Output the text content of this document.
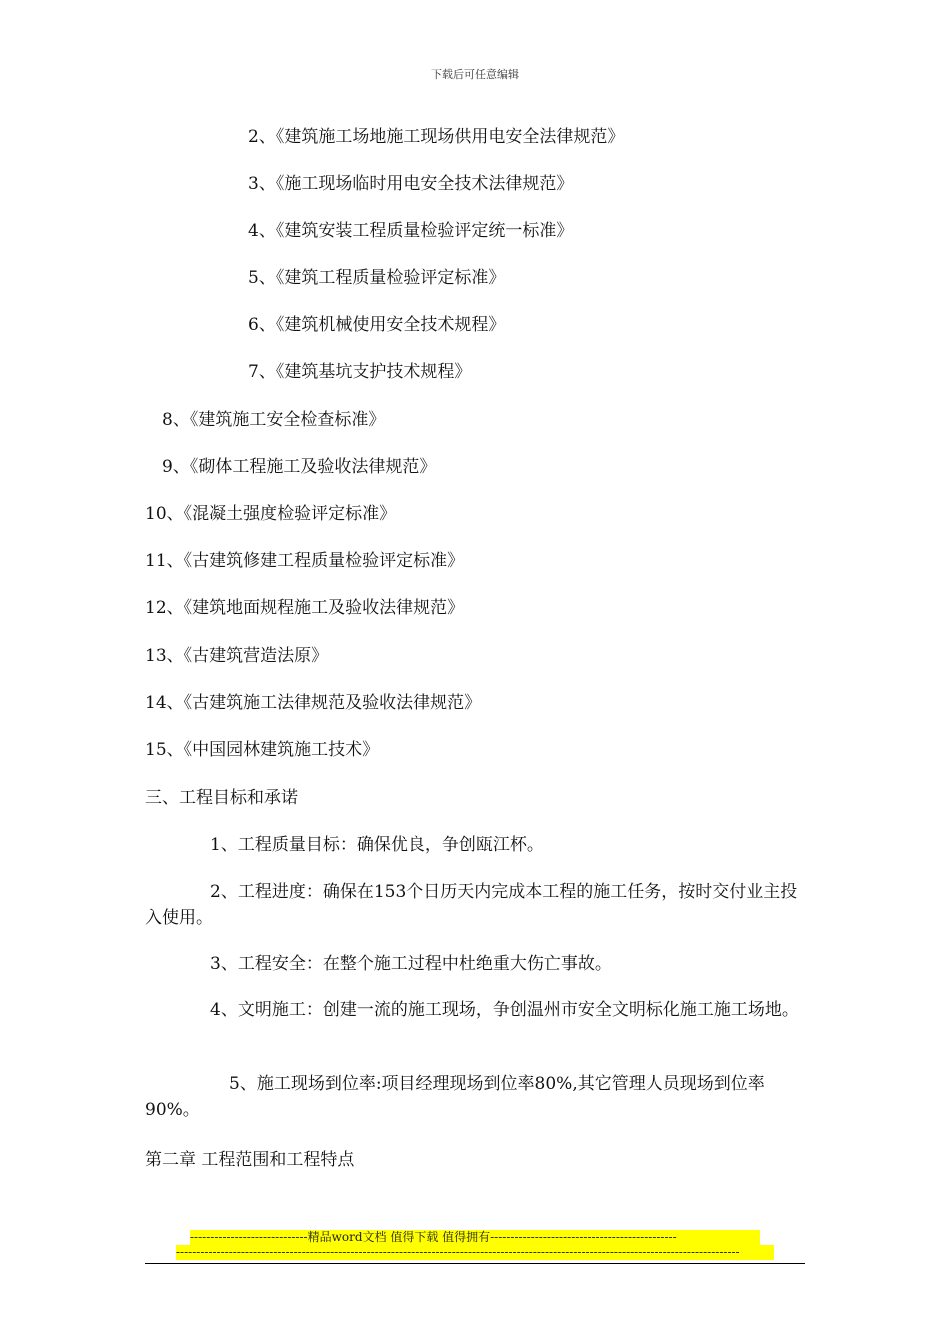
下载后可任意编辑
2、《建筑施工场地施工现场供用电安全法律规范》
3、《施工现场临时用电安全技术法律规范》
4、《建筑安装工程质量检验评定统一标准》
5、《建筑工程质量检验评定标准》
6、《建筑机械使用安全技术规程》
7、《建筑基坑支护技术规程》
8、《建筑施工安全检查标准》
9、《砌体工程施工及验收法律规范》
10、《混凝土强度检验评定标准》
11、《古建筑修建工程质量检验评定标准》
12、《建筑地面规程施工及验收法律规范》
13、《古建筑营造法原》
14、《古建筑施工法律规范及验收法律规范》
15、《中国园林建筑施工技术》
三、工程目标和承诺
1、工程质量目标：确保优良，争创瓯江杯。
2、工程进度：确保在153个日历天内完成本工程的施工任务，按时交付业主投入使用。
3、工程安全：在整个施工过程中杜绝重大伤亡事故。
4、文明施工：创建一流的施工现场，争创温州市安全文明标化施工施工场地。
5、施工现场到位率:项目经理现场到位率80%,其它管理人员现场到位率90%。
第二章 工程范围和工程特点
-----------------------------精品word文档 值得下载 值得拥有----------------------------------------------
-------------------------------------------------------------------------------------------------------------------------------------------
